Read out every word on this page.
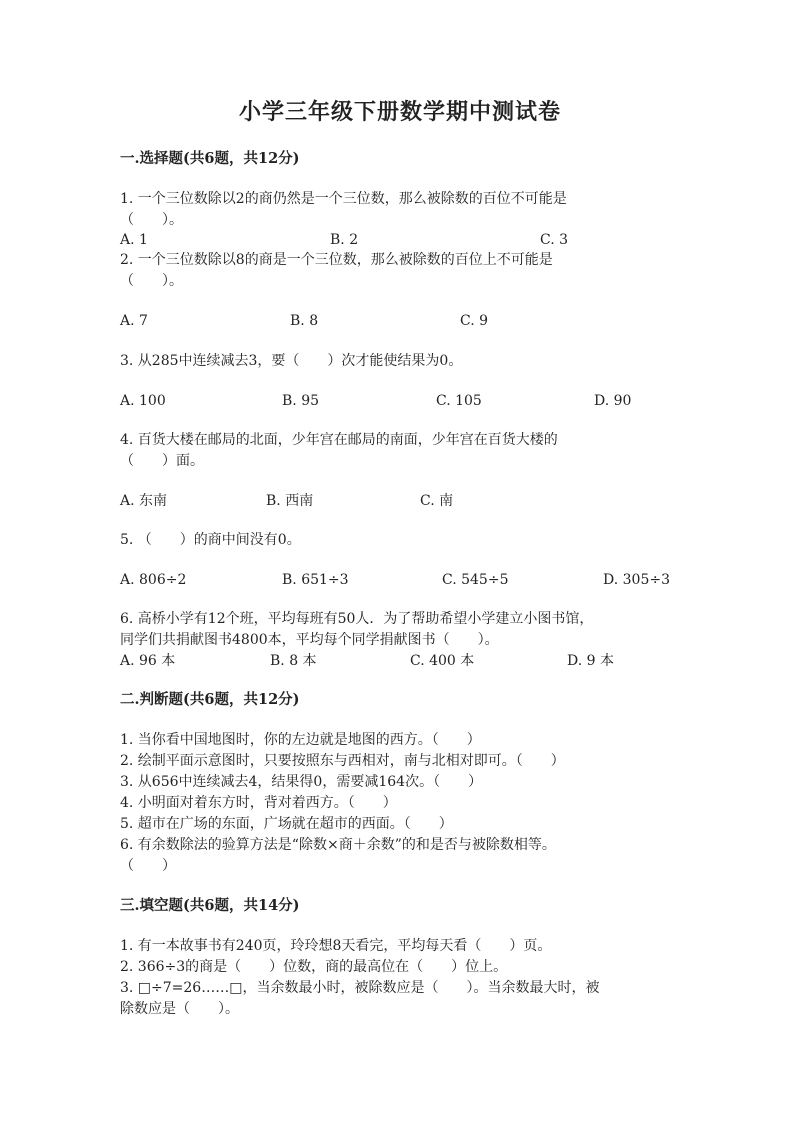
小学三年级下册数学期中测试卷
一.选择题(共6题，共12分)
1. 一个三位数除以2的商仍然是一个三位数，那么被除数的百位不可能是
（　　）。
A. 1	B. 2	C. 3
2. 一个三位数除以8的商是一个三位数，那么被除数的百位上不可能是
（　　）。
A. 7	B. 8	C. 9
3. 从285中连续减去3，要（　　）次才能使结果为0。
A. 100	B. 95	C. 105	D. 90
4. 百货大楼在邮局的北面，少年宫在邮局的南面，少年宫在百货大楼的
（　　）面。
A. 东南	B. 西南	C. 南
5. （　　）的商中间没有0。
A. 806÷2	B. 651÷3	C. 545÷5	D. 305÷3
6. 高桥小学有12个班，平均每班有50人．为了帮助希望小学建立小图书馆，
同学们共捐献图书4800本，平均每个同学捐献图书（　　）。
A. 96 本	B. 8 本	C. 400 本	D. 9 本
二.判断题(共6题，共12分)
1. 当你看中国地图时，你的左边就是地图的西方。（　　）
2. 绘制平面示意图时，只要按照东与西相对，南与北相对即可。（　　）
3. 从656中连续减去4，结果得0，需要减164次。（　　）
4. 小明面对着东方时，背对着西方。（　　）
5. 超市在广场的东面，广场就在超市的西面。（　　）
6. 有余数除法的验算方法是“除数×商＋余数”的和是否与被除数相等。
（　　）
三.填空题(共6题，共14分)
1. 有一本故事书有240页，玲玲想8天看完，平均每天看（　　）页。
2. 366÷3的商是（　　）位数，商的最高位在（　　）位上。
3. □÷7=26……□，当余数最小时，被除数应是（　　）。当余数最大时，被
除数应是（　　）。
